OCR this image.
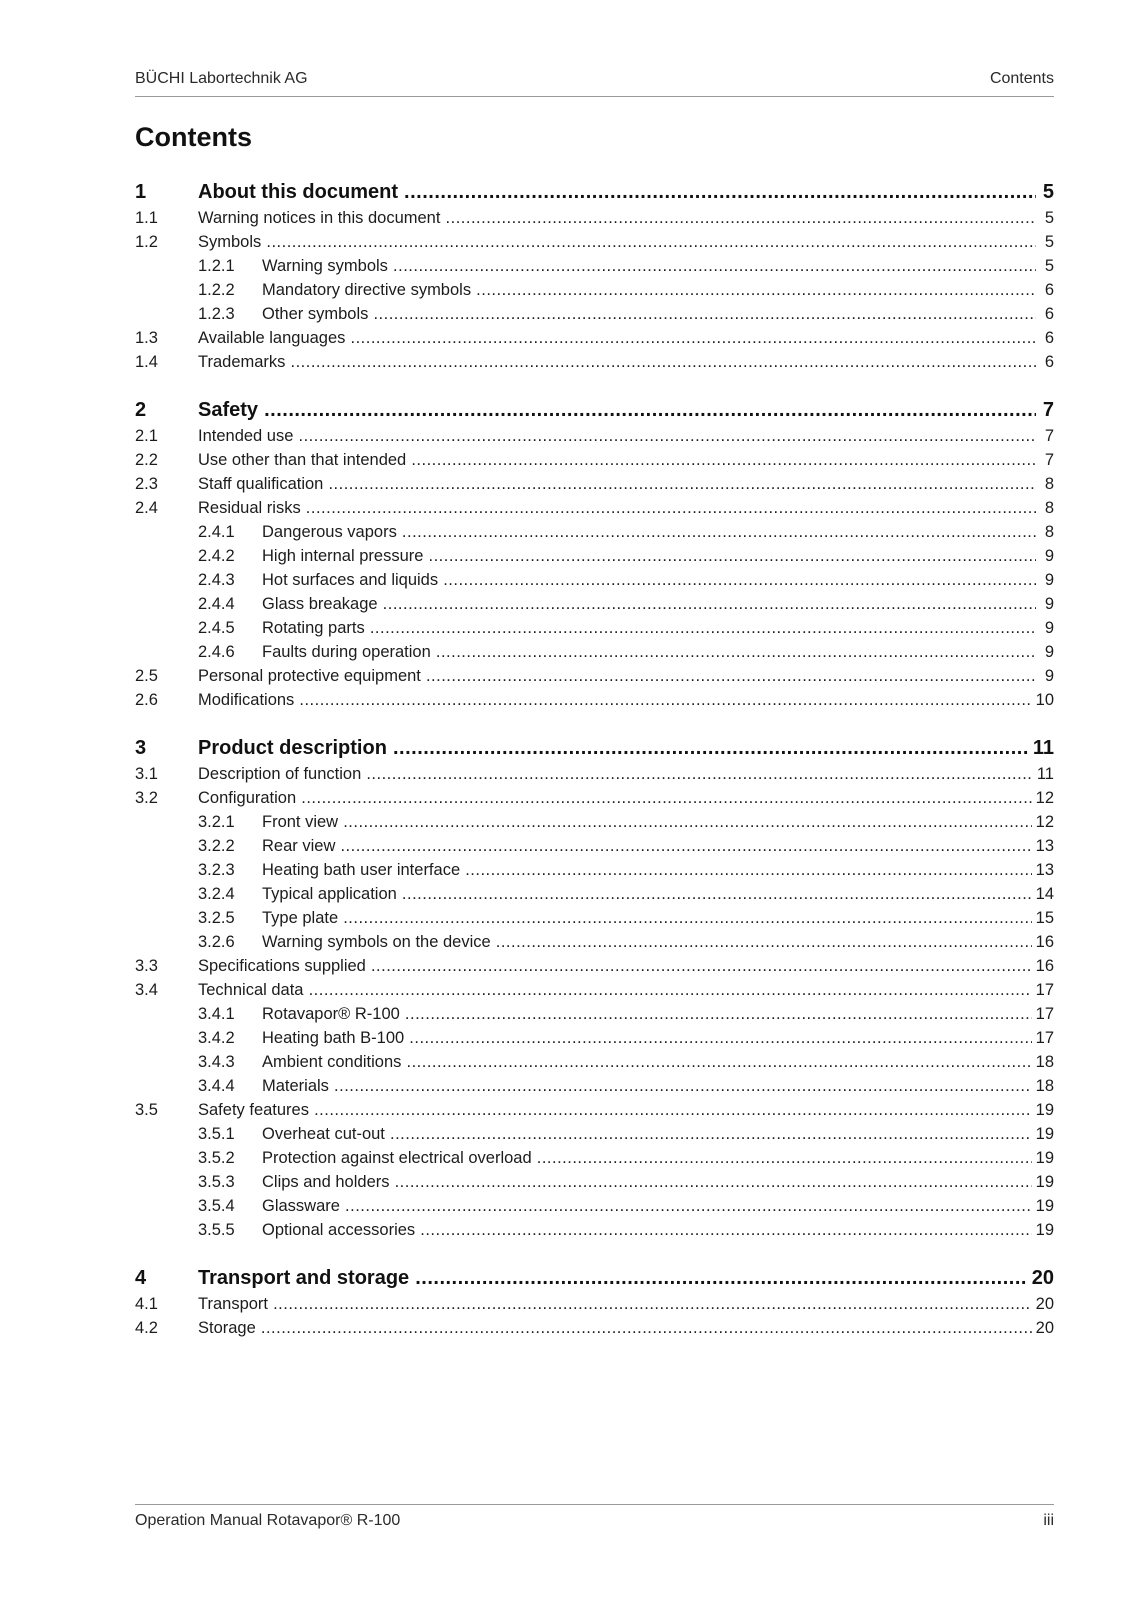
BÜCHI Labortechnik AG	Contents
Contents
1	About this document .....	5
1.1	Warning notices in this document .....	5
1.2	Symbols .....	5
1.2.1	Warning symbols .....	5
1.2.2	Mandatory directive symbols .....	6
1.2.3	Other symbols .....	6
1.3	Available languages .....	6
1.4	Trademarks .....	6
2	Safety .....	7
2.1	Intended use .....	7
2.2	Use other than that intended .....	7
2.3	Staff qualification .....	8
2.4	Residual risks .....	8
2.4.1	Dangerous vapors .....	8
2.4.2	High internal pressure .....	9
2.4.3	Hot surfaces and liquids .....	9
2.4.4	Glass breakage .....	9
2.4.5	Rotating parts .....	9
2.4.6	Faults during operation .....	9
2.5	Personal protective equipment .....	9
2.6	Modifications .....	10
3	Product description .....	11
3.1	Description of function .....	11
3.2	Configuration .....	12
3.2.1	Front view .....	12
3.2.2	Rear view .....	13
3.2.3	Heating bath user interface .....	13
3.2.4	Typical application .....	14
3.2.5	Type plate .....	15
3.2.6	Warning symbols on the device .....	16
3.3	Specifications supplied .....	16
3.4	Technical data .....	17
3.4.1	Rotavapor® R-100 .....	17
3.4.2	Heating bath B-100 .....	17
3.4.3	Ambient conditions .....	18
3.4.4	Materials .....	18
3.5	Safety features .....	19
3.5.1	Overheat cut-out .....	19
3.5.2	Protection against electrical overload .....	19
3.5.3	Clips and holders .....	19
3.5.4	Glassware .....	19
3.5.5	Optional accessories .....	19
4	Transport and storage .....	20
4.1	Transport .....	20
4.2	Storage .....	20
Operation Manual Rotavapor® R-100	iii
